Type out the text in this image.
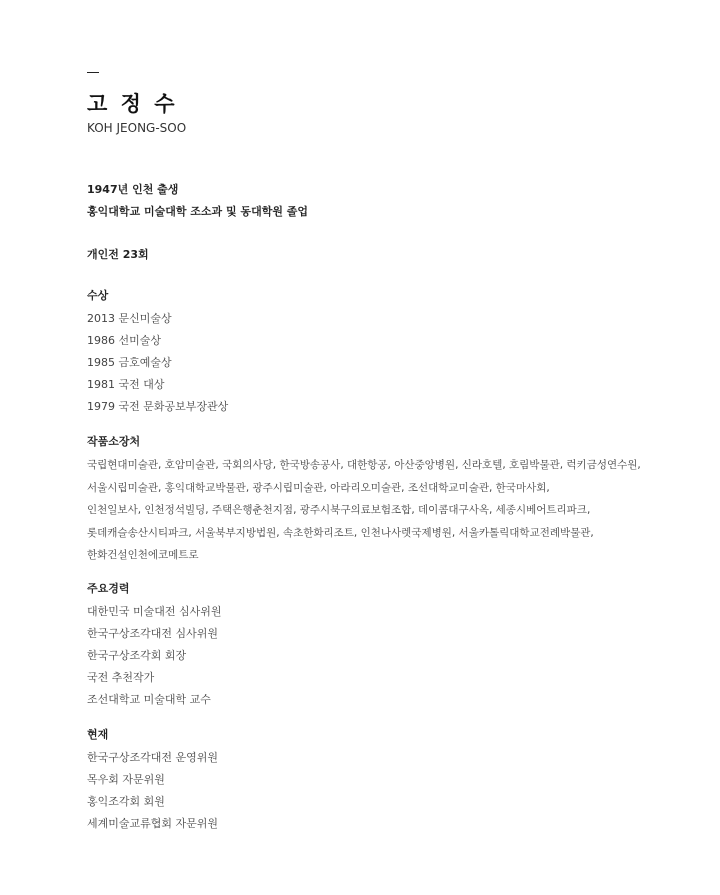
고 정 수
KOH JEONG-SOO
1947년 인천 출생
홍익대학교 미술대학 조소과 및 동대학원 졸업
개인전 23회
수상
2013 문신미술상
1986 선미술상
1985 금호예술상
1981 국전 대상
1979 국전 문화공보부장관상
작품소장처
국립현대미술관, 호암미술관, 국회의사당, 한국방송공사, 대한항공, 아산중앙병원, 신라호텔, 호림박물관, 럭키금성연수원,
서울시립미술관, 홍익대학교박물관, 광주시립미술관, 아라리오미술관, 조선대학교미술관, 한국마사회,
인천일보사, 인천정석빌딩, 주택은행춘천지점, 광주시북구의료보험조합, 데이콤대구사옥, 세종시베어트리파크,
롯데캐슬송산시티파크, 서울북부지방법원, 속초한화리조트, 인천나사렛국제병원, 서울카톨릭대학교전례박물관,
한화건설인천에코메트로
주요경력
대한민국 미술대전 심사위원
한국구상조각대전 심사위원
한국구상조각회 회장
국전 추천작가
조선대학교 미술대학 교수
현재
한국구상조각대전 운영위원
목우회 자문위원
홍익조각회 회원
세계미술교류협회 자문위원
